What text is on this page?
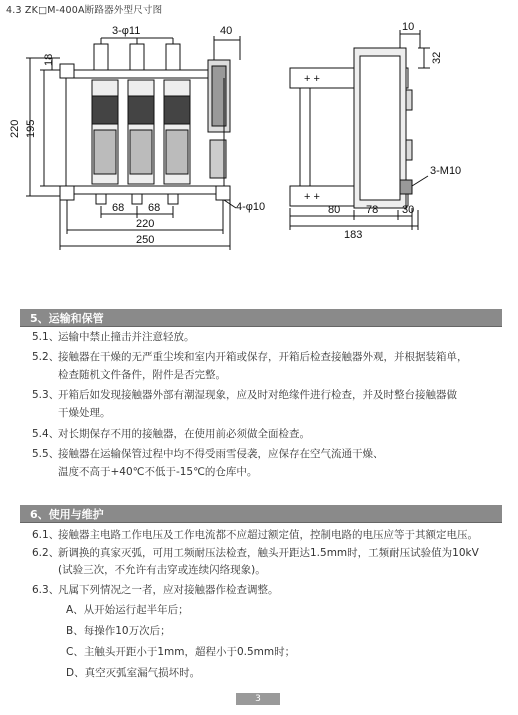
4.3 ZK□M-400A断路器外型尺寸图
+ +
+ +
3-φ11	40
18
220 195
4-φ10
68 68
220
250
10
32
3-M10
80 78 30
183
5、运输和保管
5.1、运输中禁止撞击并注意轻放。
5.2、接触器在干燥的无严重尘埃和室内开箱或保存，开箱后检查接触器外观，并根据装箱单，
检查随机文件备件，附件是否完整。
5.3、开箱后如发现接触器外部有潮湿现象，应及时对绝缘件进行检查，并及时整台接触器做
干燥处理。
5.4、对长期保存不用的接触器，在使用前必须做全面检查。
5.5、接触器在运输保管过程中均不得受雨雪侵袭，应保存在空气流通干燥、
温度不高于+40℃不低于-15℃的仓库中。
6、使用与维护
6.1、接触器主电路工作电压及工作电流都不应超过额定值，控制电路的电压应等于其额定电压。
6.2、新调换的真家灭弧，可用工频耐压法检查，触头开距达1.5mm时，工频耐压试验值为10kV
(试验三次，不允许有击穿或连续闪络现象)。
6.3、凡属下列情况之一者，应对接触器作检查调整。
A、从开始运行起半年后；
B、每操作10万次后；
C、主触头开距小于1mm，超程小于0.5mm时；
D、真空灭弧室漏气损坏时。
3
